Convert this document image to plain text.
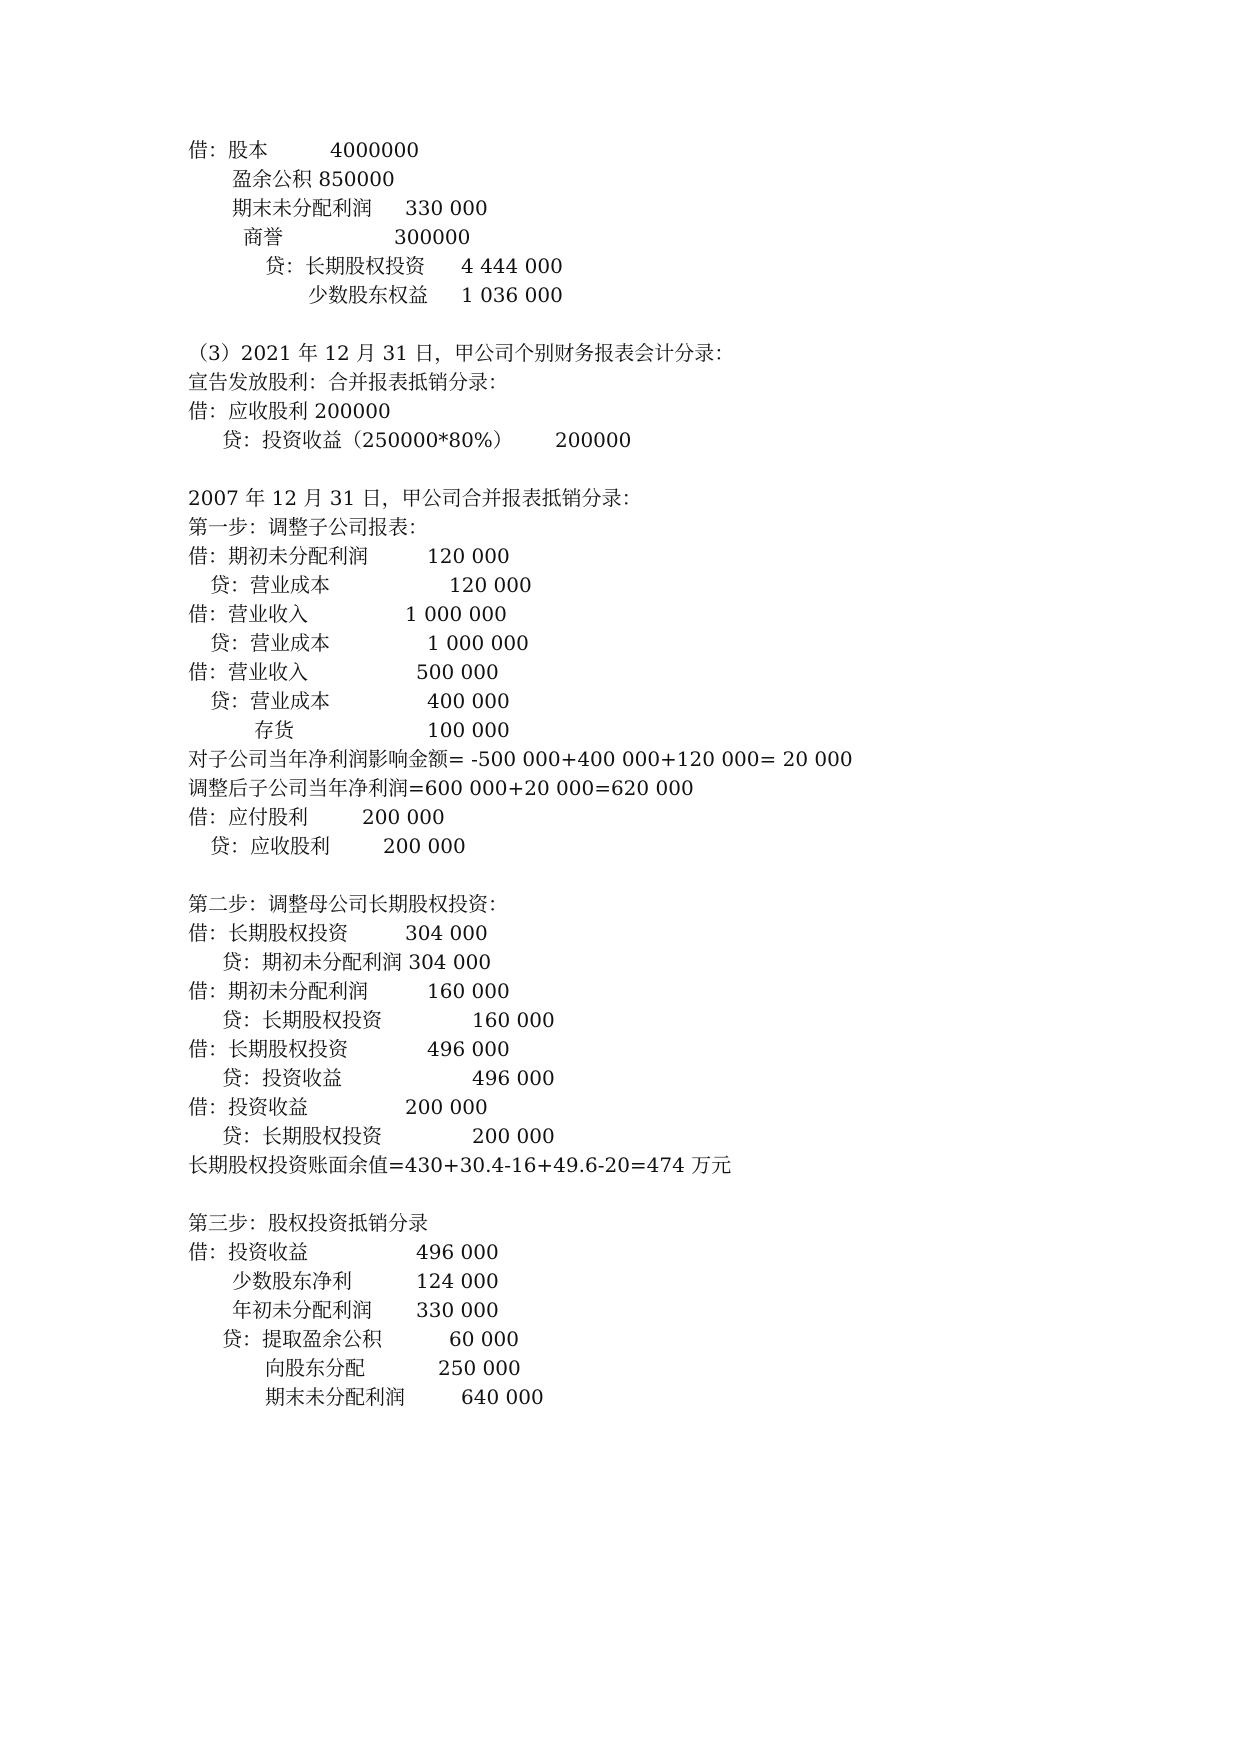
借：股本	4000000
盈余公积 850000
期末未分配利润 330 000
商誉	300000
贷：长期股权投资 4 444 000
少数股东权益 1 036 000
（3）2021 年 12 月 31 日，甲公司个别财务报表会计分录：
宣告发放股利：合并报表抵销分录：
借：应收股利 200000
贷：投资收益（250000*80%） 200000
2007 年 12 月 31 日，甲公司合并报表抵销分录：
第一步：调整子公司报表：
借：期初未分配利润	120 000
贷：营业成本	120 000
借：营业收入	1 000 000
贷：营业成本	1 000 000
借：营业收入	500 000
贷：营业成本	400 000
存货	100 000
对子公司当年净利润影响金额= -500 000+400 000+120 000= 20 000
调整后子公司当年净利润=600 000+20 000=620 000
借：应付股利	200 000
贷：应收股利	200 000
第二步：调整母公司长期股权投资：
借：长期股权投资	304 000
贷：期初未分配利润 304 000
借：期初未分配利润	160 000
贷：长期股权投资	160 000
借：长期股权投资	496 000
贷：投资收益	496 000
借：投资收益	200 000
贷：长期股权投资	200 000
长期股权投资账面余值=430+30.4-16+49.6-20=474 万元
第三步：股权投资抵销分录
借：投资收益	496 000
少数股东净利	124 000
年初未分配利润 330 000
贷：提取盈余公积	60 000
向股东分配	250 000
期末未分配利润	640 000
